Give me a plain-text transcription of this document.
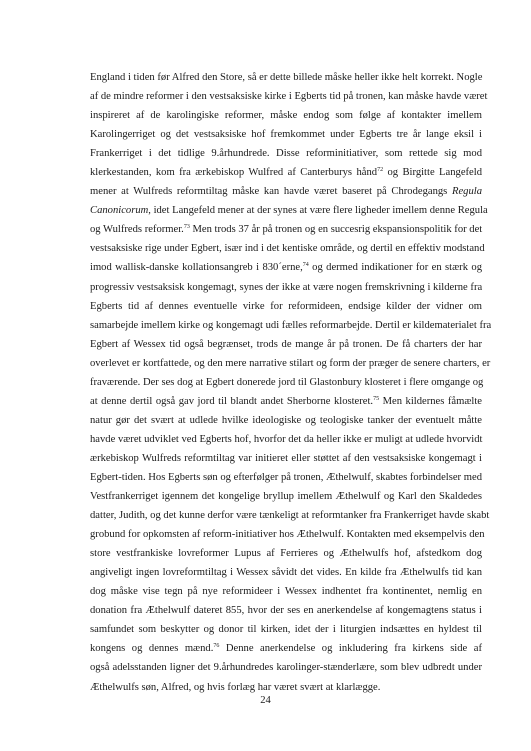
England i tiden før Alfred den Store, så er dette billede måske heller ikke helt korrekt. Nogle
af de mindre reformer i den vestsaksiske kirke i Egberts tid på tronen, kan måske havde været
inspireret af de karolingiske reformer, måske endog som følge af kontakter imellem
Karolingerriget og det vestsaksiske hof fremkommet under Egberts tre år lange eksil i
Frankerriget i det tidlige 9.århundrede. Disse reforminitiativer, som rettede sig mod
klerkestanden, kom fra ærkebiskop Wulfred af Canterburys hånd$^{72}$ og Birgitte Langefeld
mener at Wulfreds reformtiltag måske kan havde været baseret på Chrodegangs Regula
Canonicorum, idet Langefeld mener at der synes at være flere ligheder imellem denne Regula
og Wulfreds reformer.$^{73}$ Men trods 37 år på tronen og en succesrig ekspansionspolitik for det
vestsaksiske rige under Egbert, især ind i det kentiske område, og dertil en effektiv modstand
imod wallisk-danske kollationsangreb i 830´erne,$^{74}$ og dermed indikationer for en stærk og
progressiv vestsaksisk kongemagt, synes der ikke at være nogen fremskrivning i kilderne fra
Egberts tid af dennes eventuelle virke for reformideen, endsige kilder der vidner om
samarbejde imellem kirke og kongemagt udi fælles reformarbejde. Dertil er kildematerialet fra
Egbert af Wessex tid også begrænset, trods de mange år på tronen. De få charters der har
overlevet er kortfattede, og den mere narrative stilart og form der præger de senere charters, er
fraværende. Der ses dog at Egbert donerede jord til Glastonbury klosteret i flere omgange og
at denne dertil også gav jord til blandt andet Sherborne klosteret.$^{75}$ Men kildernes fåmælte
natur gør det svært at udlede hvilke ideologiske og teologiske tanker der eventuelt måtte
havde været udviklet ved Egberts hof, hvorfor det da heller ikke er muligt at udlede hvorvidt
ærkebiskop Wulfreds reformtiltag var initieret eller støttet af den vestsaksiske kongemagt i
Egbert-tiden. Hos Egberts søn og efterfølger på tronen, Æthelwulf, skabtes forbindelser med
Vestfrankerriget igennem det kongelige bryllup imellem Æthelwulf og Karl den Skaldedes
datter, Judith, og det kunne derfor være tænkeligt at reformtanker fra Frankerriget havde skabt
grobund for opkomsten af reform-initiativer hos Æthelwulf. Kontakten med eksempelvis den
store vestfrankiske lovreformer Lupus af Ferrieres og Æthelwulfs hof, afstedkom dog
angiveligt ingen lovreformtiltag i Wessex såvidt det vides. En kilde fra Æthelwulfs tid kan
dog måske vise tegn på nye reformideer i Wessex indhentet fra kontinentet, nemlig en
donation fra Æthelwulf dateret 855, hvor der ses en anerkendelse af kongemagtens status i
samfundet som beskytter og donor til kirken, idet der i liturgien indsættes en hyldest til
kongens og dennes mænd.$^{76}$ Denne anerkendelse og inkludering fra kirkens side af
også adelsstanden ligner det 9.århundredes karolinger-stænderlære, som blev udbredt under
Æthelwulfs søn, Alfred, og hvis forlæg har været svært at klarlægge.
24
